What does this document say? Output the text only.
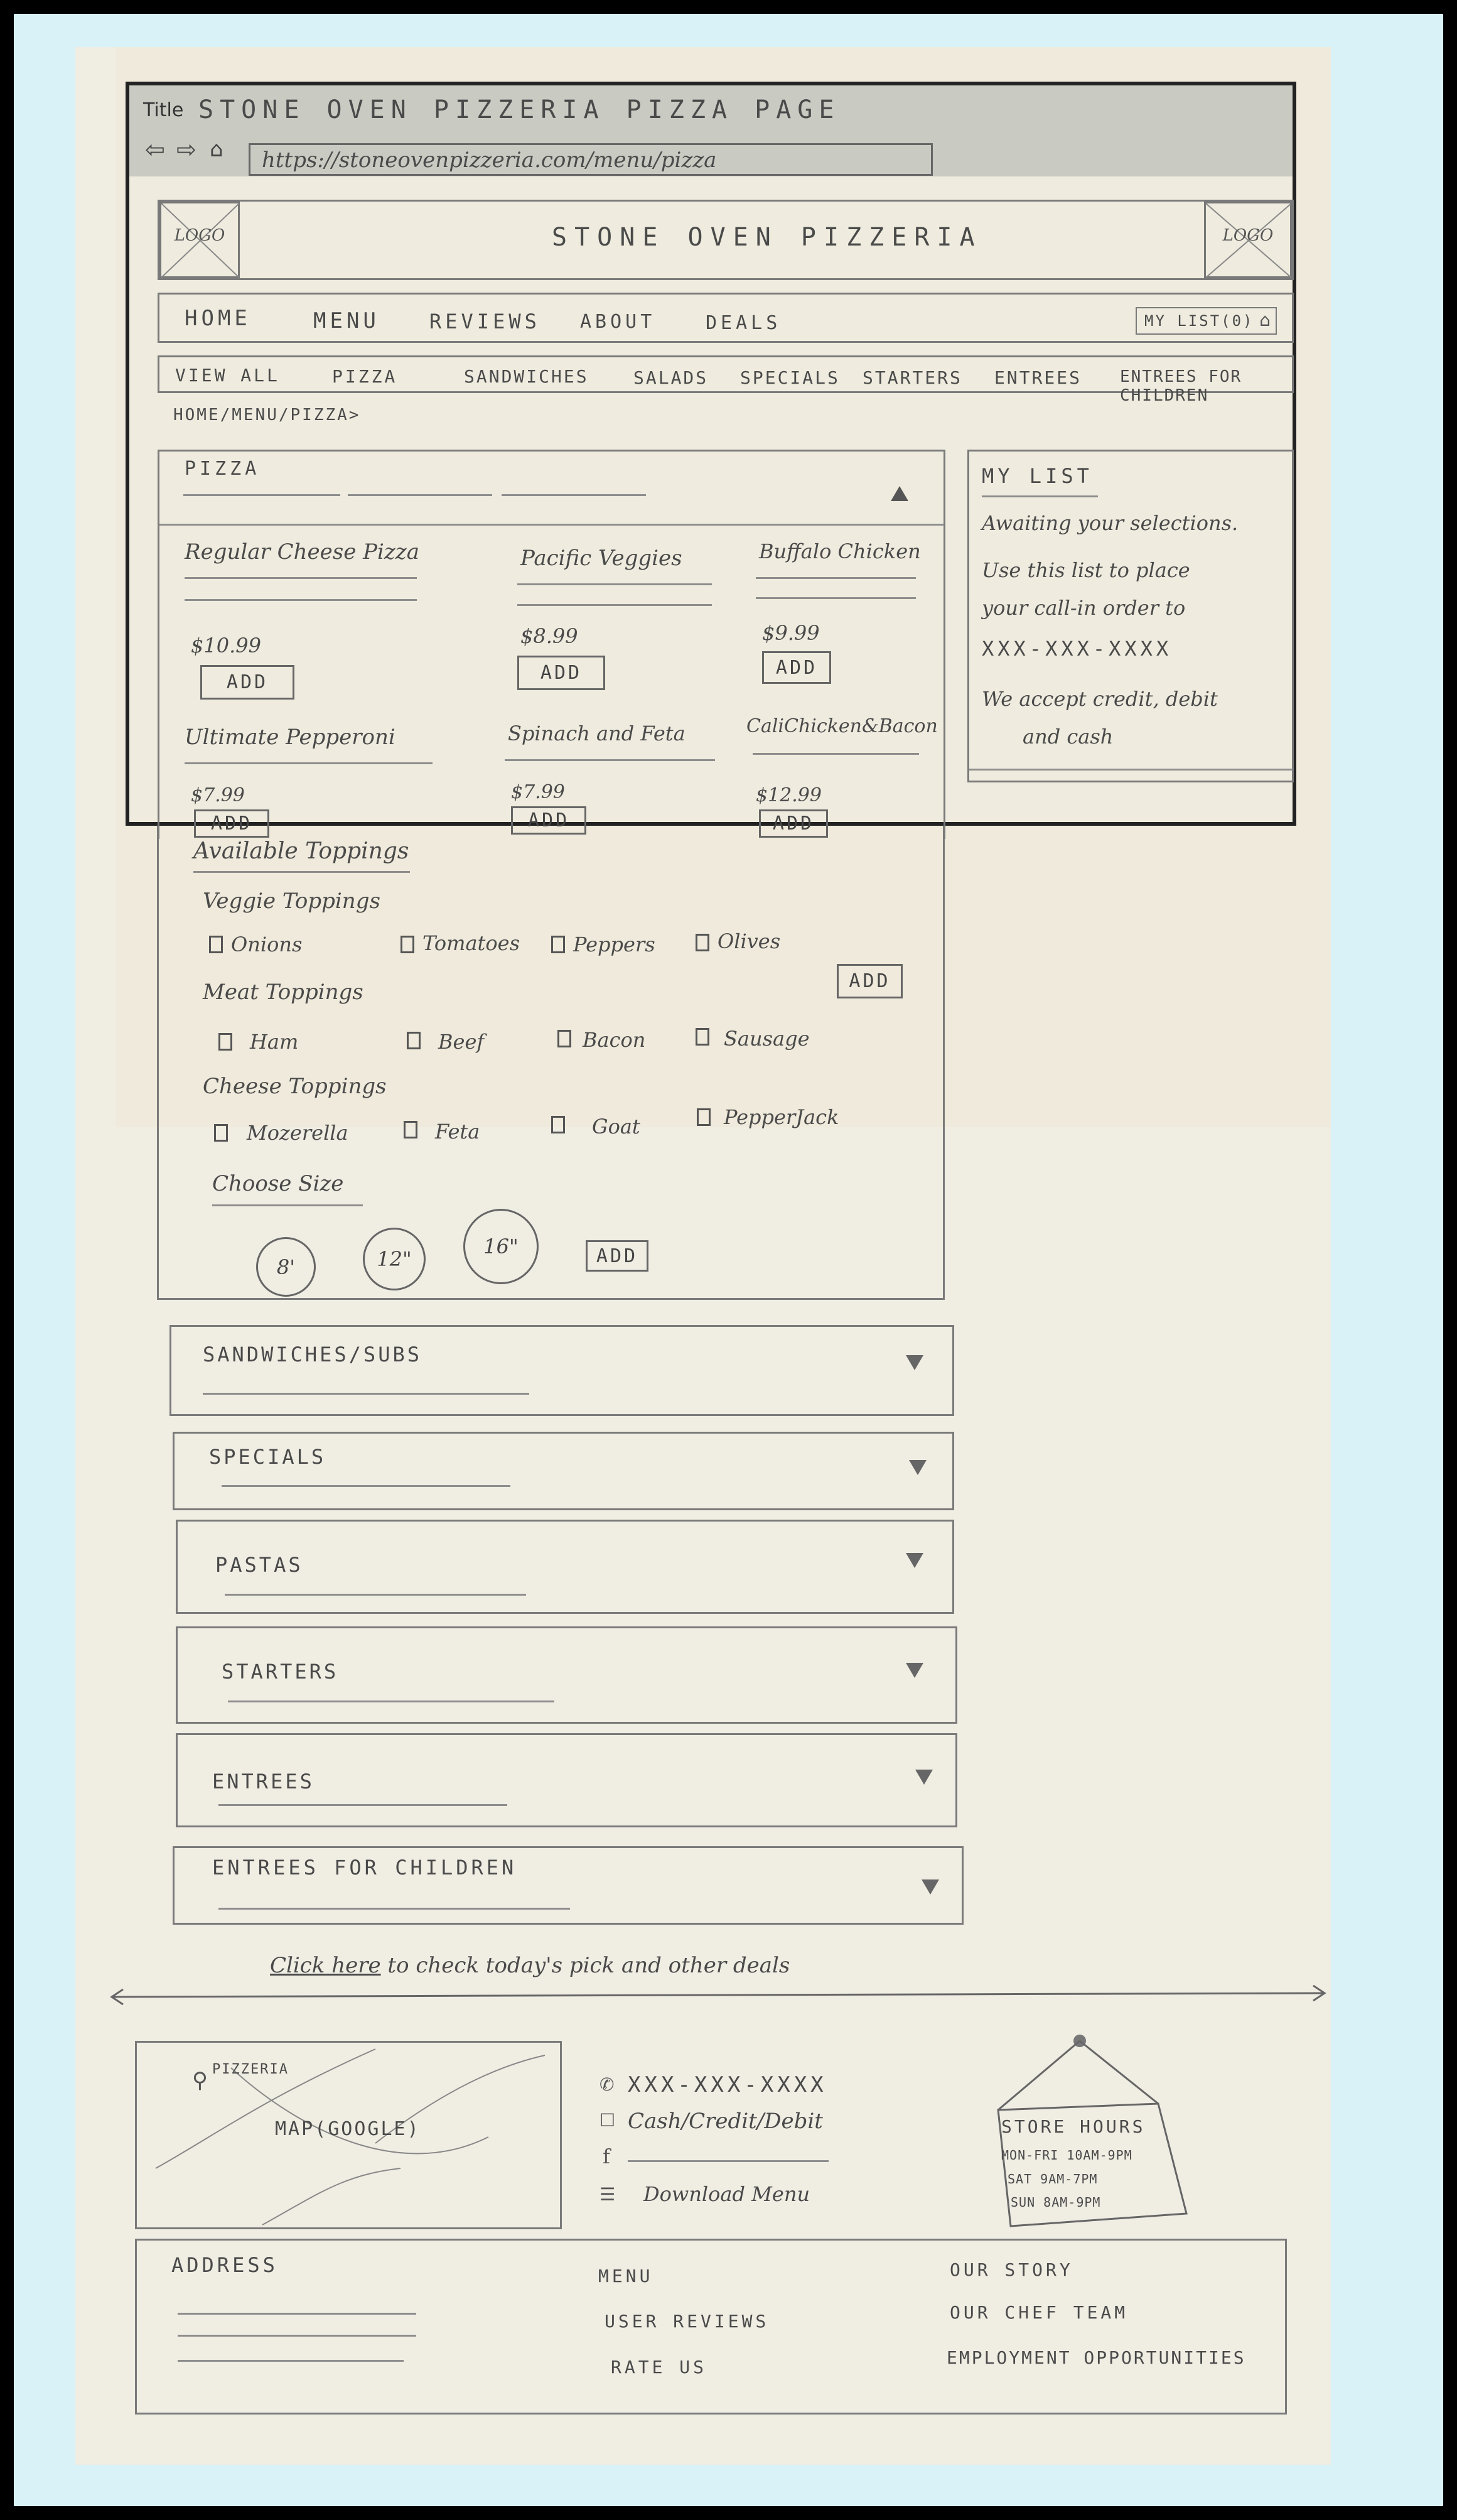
Title STONE OVEN PIZZERIA PIZZA PAGE
⇦ ⇨ ⌂ https://stoneovenpizzeria.com/menu/pizza
LOGO	STONE OVEN PIZZERIA	LOGO
HOME	MENU REVIEWS ABOUT	DEALS	MY LIST(0) ⌂
VIEW ALL	PIZZA	SANDWICHES	SALADS SPECIALS STARTERS ENTREES ENTREES FOR CHILDREN
HOME/MENU/PIZZA>
PIZZA
Regular Cheese Pizza
$10.99
ADD
Pacific Veggies
$8.99
ADD
Buffalo Chicken
$9.99
ADD
Ultimate Pepperoni
$7.99
ADD
Spinach and Feta
$7.99
ADD
CaliChicken&Bacon
$12.99
ADD
MY LIST
Awaiting your selections.
Use this list to place
your call-in order to
XXX-XXX-XXXX
We accept credit, debit
and cash
Available Toppings
Veggie Toppings
Onions	Tomatoes	Peppers	Olives
ADD
Meat Toppings
Ham	Beef	Bacon	Sausage
Cheese Toppings
Mozerella	Feta	Goat	PepperJack
Choose Size
8'	12"
16"	ADD
SANDWICHES/SUBS
SPECIALS
PASTAS
STARTERS
ENTREES
ENTREES FOR CHILDREN
Click here to check today's pick and other deals
⚲ PIZZERIA
MAP(GOOGLE)
✆ XXX-XXX-XXXX
☐ Cash/Credit/Debit
f
☰ Download Menu
STORE HOURS
MON-FRI 10AM-9PM
SAT 9AM-7PM
SUN 8AM-9PM
ADDRESS	MENU
USER REVIEWS
RATE US
OUR STORY
OUR CHEF TEAM
EMPLOYMENT OPPORTUNITIES
